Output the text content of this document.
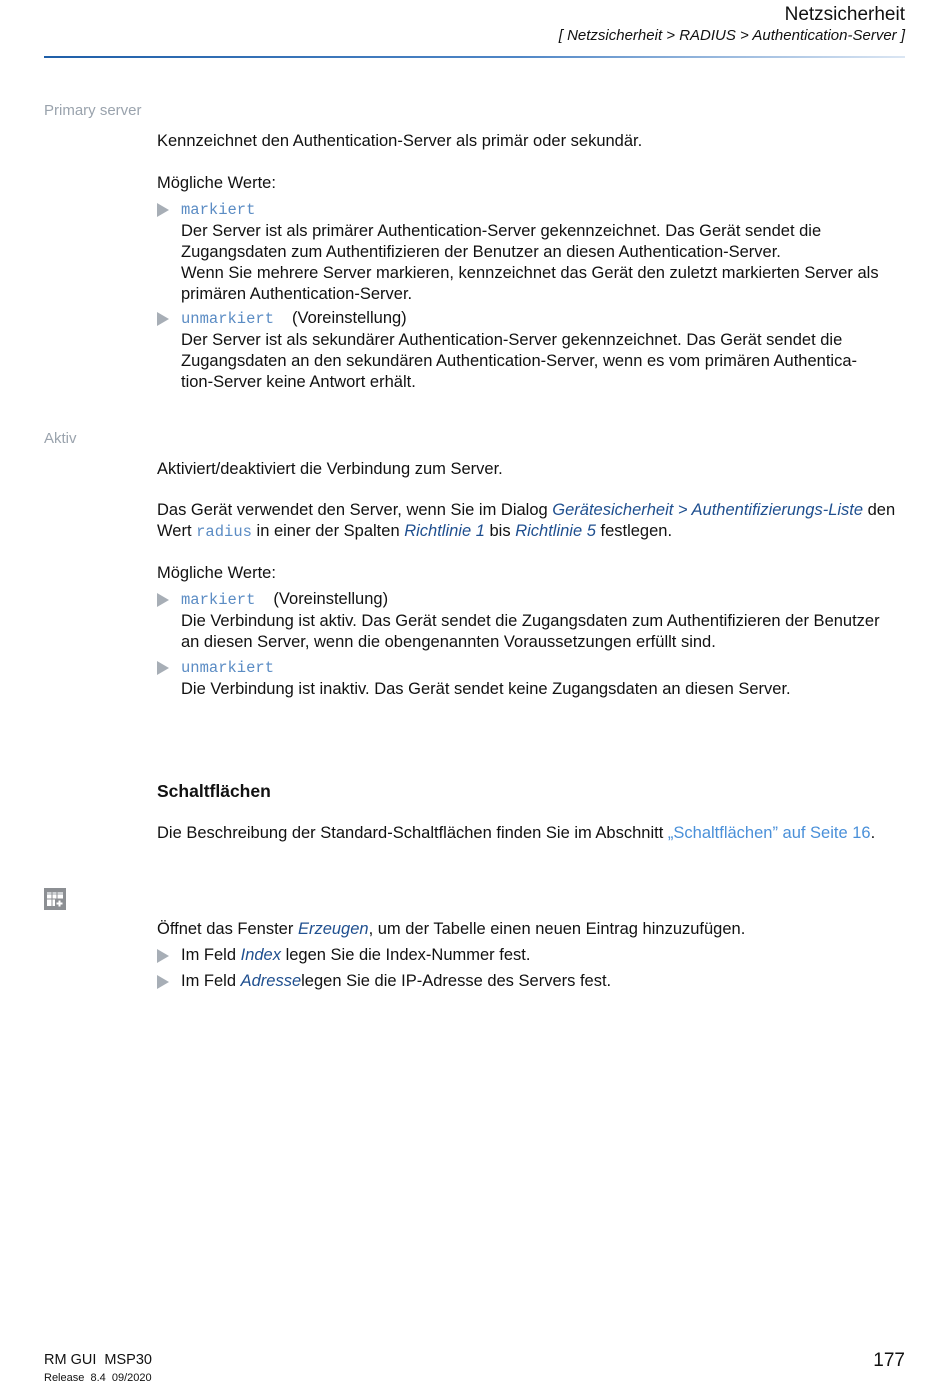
Netzsicherheit
[ Netzsicherheit > RADIUS > Authentication-Server ]
Primary server
Kennzeichnet den Authentication-Server als primär oder sekundär.
Mögliche Werte:
markiert
Der Server ist als primärer Authentication-Server gekennzeichnet. Das Gerät sendet die
Zugangsdaten zum Authentifizieren der Benutzer an diesen Authentication-Server.
Wenn Sie mehrere Server markieren, kennzeichnet das Gerät den zuletzt markierten Server als
primären Authentication-Server.
unmarkiert (Voreinstellung)
Der Server ist als sekundärer Authentication-Server gekennzeichnet. Das Gerät sendet die
Zugangsdaten an den sekundären Authentication-Server, wenn es vom primären Authentica-
tion-Server keine Antwort erhält.
Aktiv
Aktiviert/deaktiviert die Verbindung zum Server.
Das Gerät verwendet den Server, wenn Sie im Dialog Gerätesicherheit > Authentifizierungs-Liste den
Wert radius in einer der Spalten Richtlinie 1 bis Richtlinie 5 festlegen.
Mögliche Werte:
markiert (Voreinstellung)
Die Verbindung ist aktiv. Das Gerät sendet die Zugangsdaten zum Authentifizieren der Benutzer
an diesen Server, wenn die obengenannten Voraussetzungen erfüllt sind.
unmarkiert
Die Verbindung ist inaktiv. Das Gerät sendet keine Zugangsdaten an diesen Server.
Schaltflächen
Die Beschreibung der Standard-Schaltflächen finden Sie im Abschnitt „Schaltflächen” auf Seite 16.
Öffnet das Fenster Erzeugen, um der Tabelle einen neuen Eintrag hinzuzufügen.
Im Feld Index legen Sie die Index-Nummer fest.
Im Feld Adresselegen Sie die IP-Adresse des Servers fest.
RM GUI  MSP30
Release  8.4  09/2020
177
